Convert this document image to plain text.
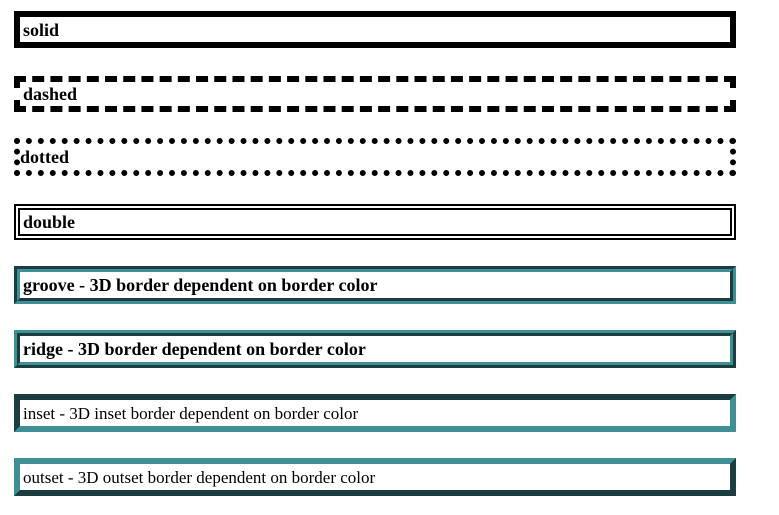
solid
dashed
dotted
double
groove - 3D border dependent on border color
ridge - 3D border dependent on border color
inset - 3D inset border dependent on border color
outset - 3D outset border dependent on border color
